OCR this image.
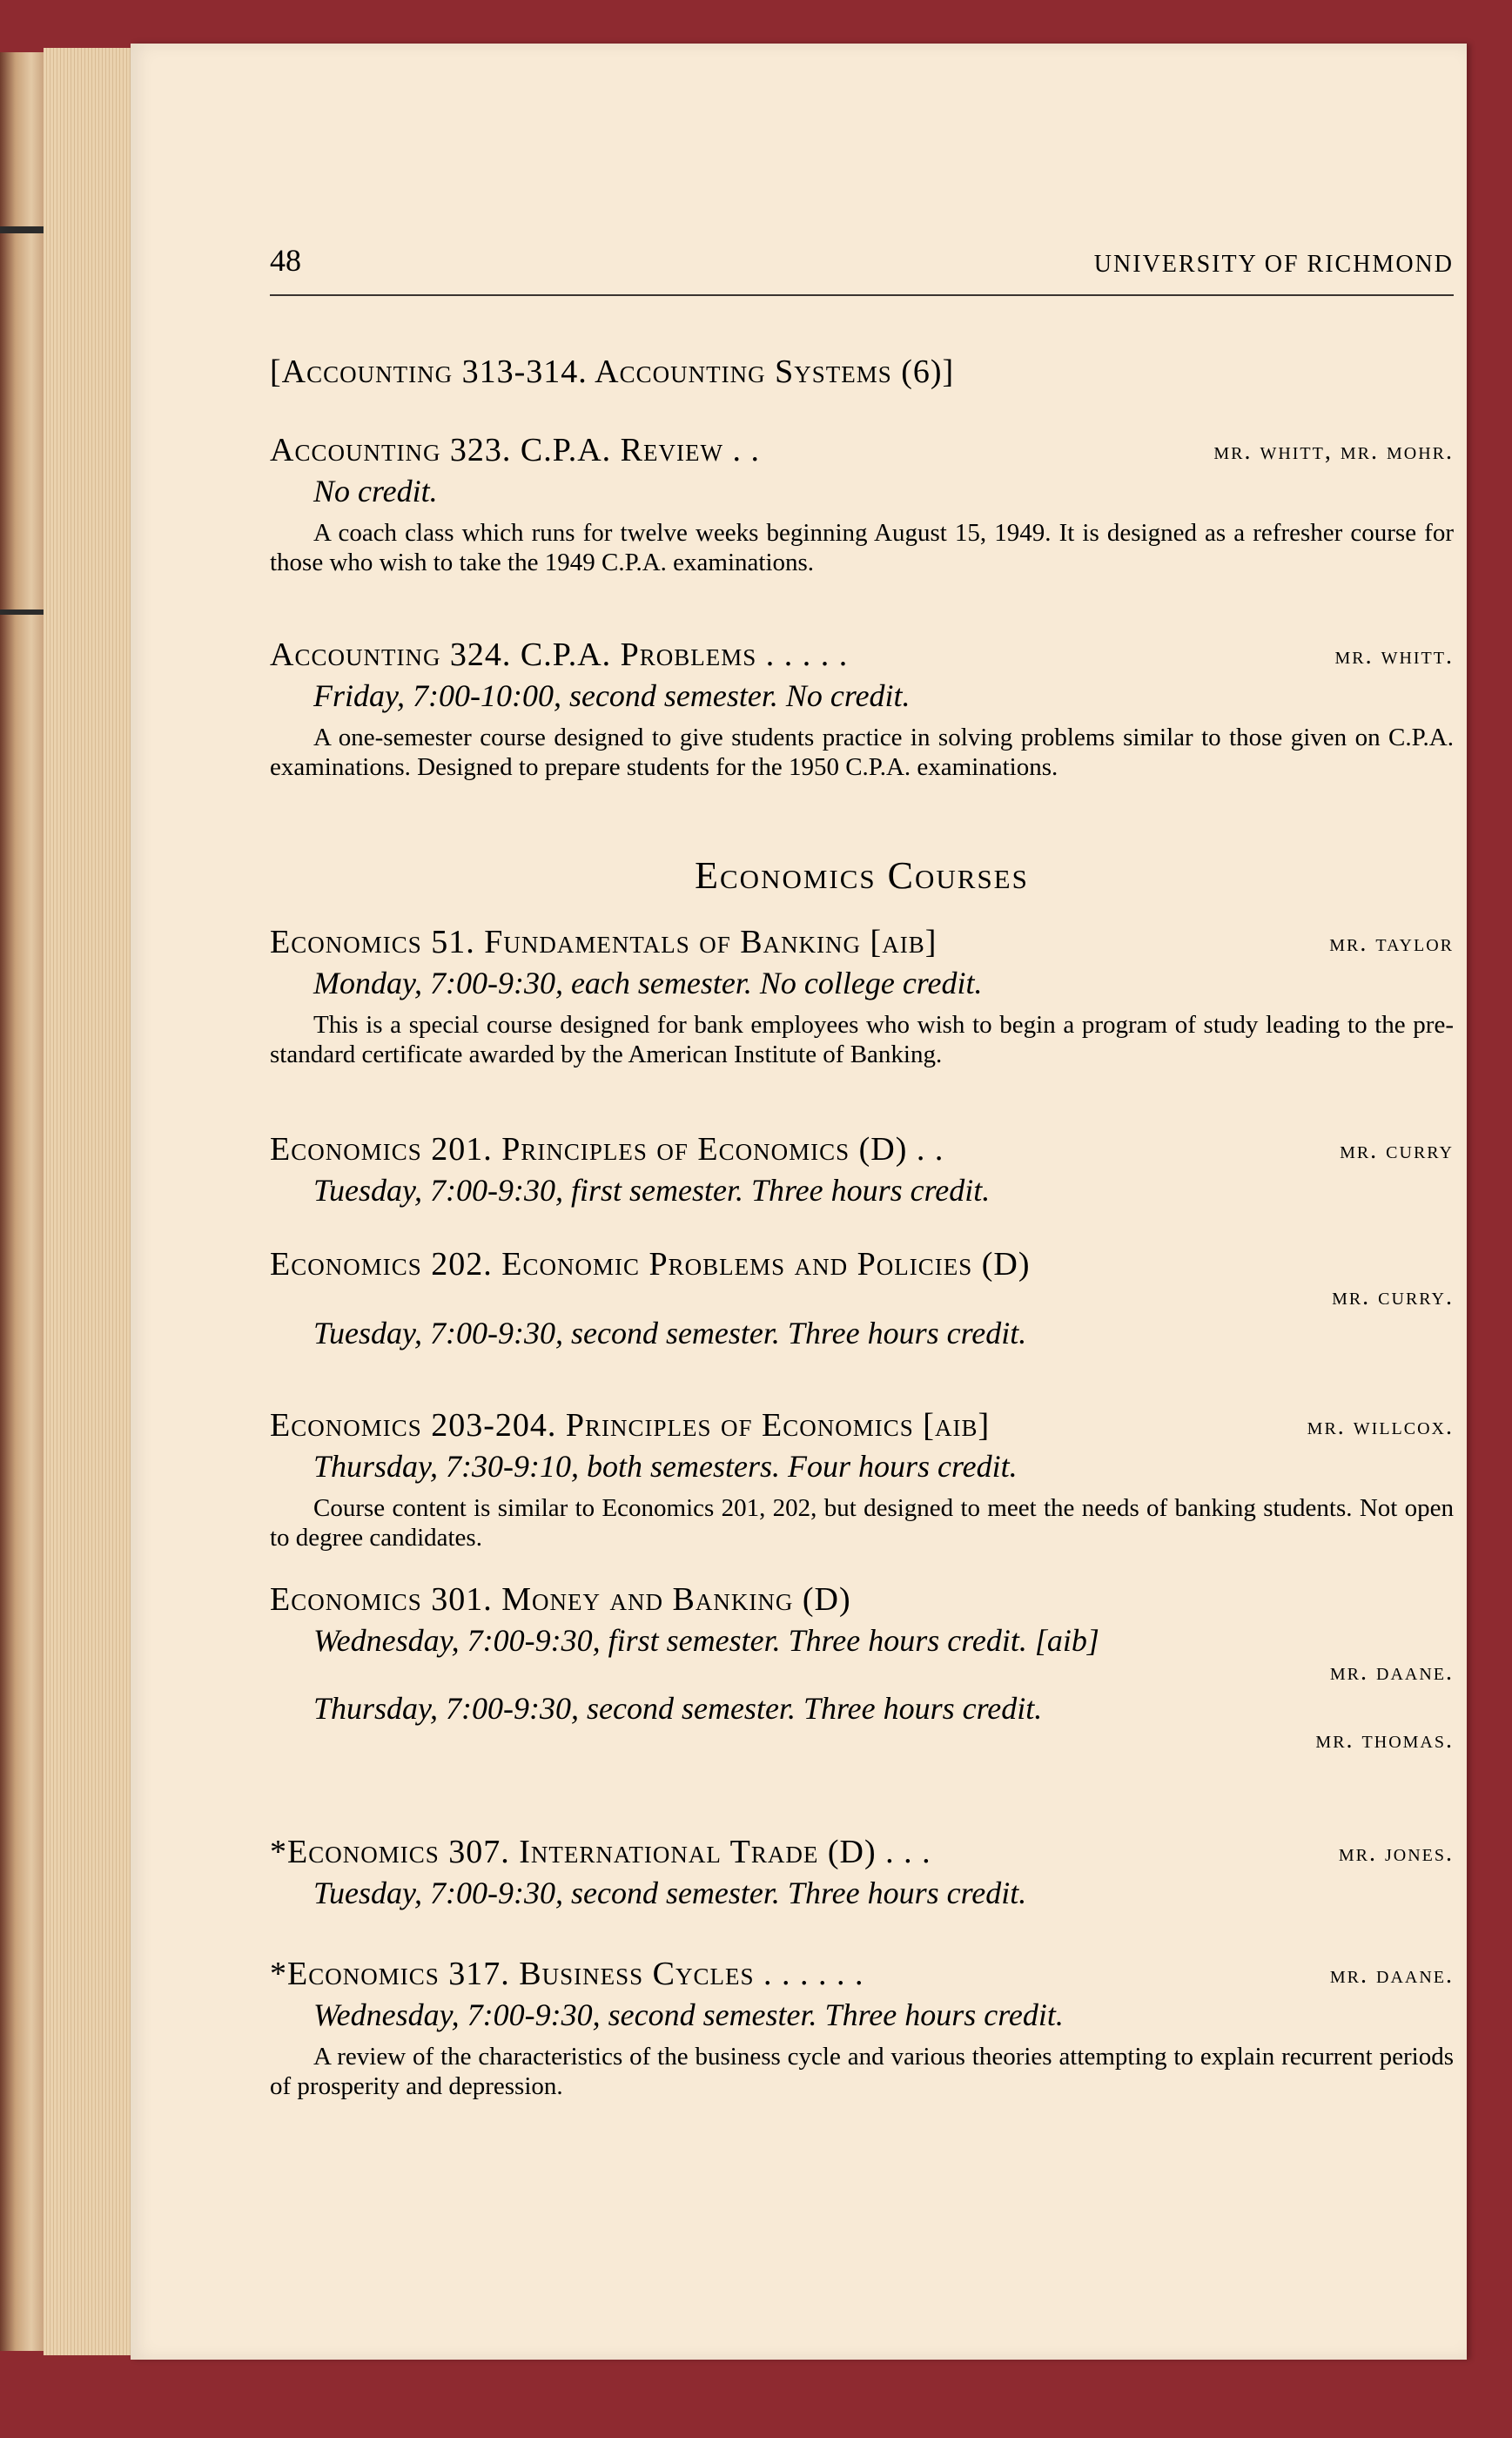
48	UNIVERSITY OF RICHMOND
[Accounting 313-314. Accounting Systems (6)]
Accounting 323. C.P.A. Review . .	mr. whitt, mr. mohr.
No credit.
A coach class which runs for twelve weeks beginning August 15, 1949. It is designed as a refresher course for those who wish to take the 1949 C.P.A. examinations.
Accounting 324. C.P.A. Problems . . . . .	mr. whitt.
Friday, 7:00-10:00, second semester. No credit.
A one-semester course designed to give students practice in solving problems similar to those given on C.P.A. examinations. Designed to prepare students for the 1950 C.P.A. examinations.
Economics Courses
Economics 51. Fundamentals of Banking [aib]	mr. taylor
Monday, 7:00-9:30, each semester. No college credit.
This is a special course designed for bank employees who wish to begin a program of study leading to the pre-standard certificate awarded by the American Institute of Banking.
Economics 201. Principles of Economics (D) . .	mr. curry
Tuesday, 7:00-9:30, first semester. Three hours credit.
Economics 202. Economic Problems and Policies (D)
mr. curry.
Tuesday, 7:00-9:30, second semester. Three hours credit.
Economics 203-204. Principles of Economics [aib]	mr. willcox.
Thursday, 7:30-9:10, both semesters. Four hours credit.
Course content is similar to Economics 201, 202, but designed to meet the needs of banking students. Not open to degree candidates.
Economics 301. Money and Banking (D)
Wednesday, 7:00-9:30, first semester. Three hours credit. [aib]
mr. daane.
Thursday, 7:00-9:30, second semester. Three hours credit.
mr. thomas.
*Economics 307. International Trade (D) . . .	mr. jones.
Tuesday, 7:00-9:30, second semester. Three hours credit.
*Economics 317. Business Cycles . . . . . .	mr. daane.
Wednesday, 7:00-9:30, second semester. Three hours credit.
A review of the characteristics of the business cycle and various theories attempting to explain recurrent periods of prosperity and depression.
